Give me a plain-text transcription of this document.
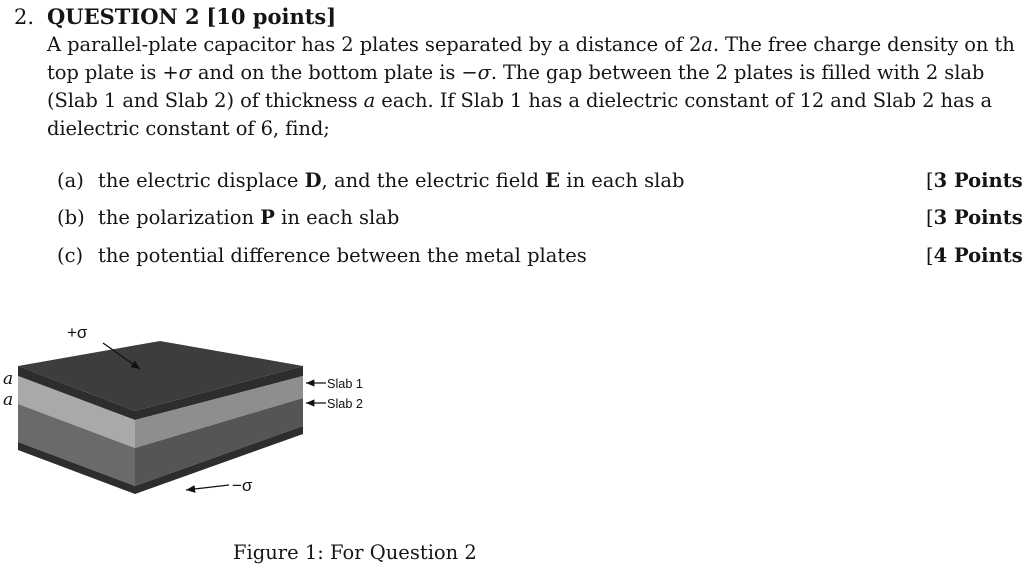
2. QUESTION 2 [10 points]
A parallel-plate capacitor has 2 plates separated by a distance of 2a. The free charge density on th
top plate is +σ and on the bottom plate is −σ. The gap between the 2 plates is filled with 2 slab
(Slab 1 and Slab 2) of thickness a each. If Slab 1 has a dielectric constant of 12 and Slab 2 has a
dielectric constant of 6, find;
(a) the electric displace D, and the electric field E in each slab	[3 Points
(b) the polarization P in each slab	[3 Points
(c) the potential difference between the metal plates	[4 Points
+σ
−σ
a
a
Slab 1
Slab 2
Figure 1: For Question 2
